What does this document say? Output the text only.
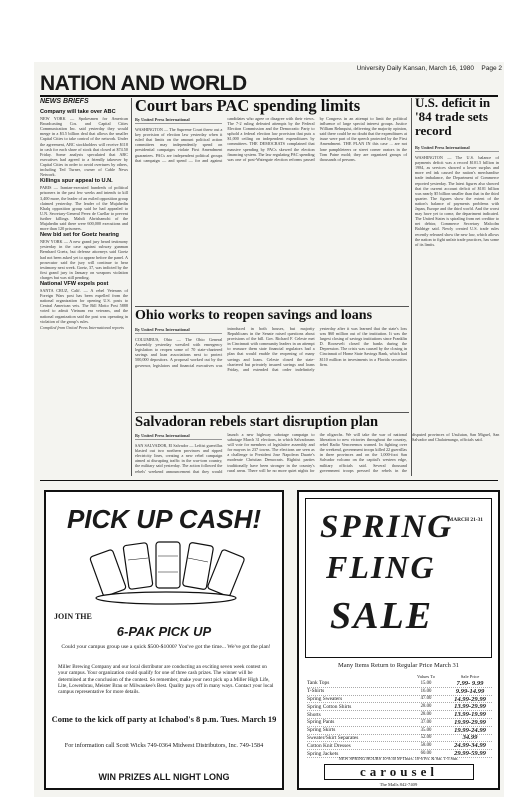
University Daily Kansan, March 16, 1980 Page 2
NATION AND WORLD
NEWS BRIEFS
Company will take over ABC

NEW YORK — Spokesmen for American Broadcasting Cos. and Capital Cities Communication Inc. said yesterday they would merge in a $3.5 billion deal that allows the smaller Capital Cities to take control of the network. Under the agreement, ABC stockholders will receive $118 in cash for each share of stock that closed at $74.50 Friday. Some analysts speculated that ABC executives had agreed to a friendly takeover by Capital Cities in order to avoid overtures by others, including Ted Turner, owner of Cable News Network.

Killings spur appeal to U.N.

PARIS — Iranian-executed hundreds of political prisoners in the past few weeks and intends to kill 3,400 more, the leader of an exiled opposition group claimed yesterday. The leader of the Mujahedin Khalq opposition group said he had appealed to U.N. Secretary-General Perez de Cuellar to prevent further killings. Mahdi Abrishamchi of the Mujahedin said there were 600,000 executions and more than 120 prisoners.

New bid set for Goetz hearing

NEW YORK — A new grand jury heard testimony yesterday in the case against subway gunman Bernhard Goetz, but defense attorneys said Goetz had not been asked yet to appear before the panel. A prosecutor said the jury will continue to hear testimony next week. Goetz, 37, was indicted by the first grand jury in January on weapons violation charges but was still pending.

National VFW expels post

SANTA CRUZ, Calif. — A rebel Veterans of Foreign Wars post has been expelled from the national organization for opening U.S. posts to Central American vets. The Bill Motto Post 5888 voted to admit Vietnam era veterans, and the national organization said the post was operating in violation of the group's rules.

Compiled from United Press International reports

Court bars PAC spending limits
By United Press International

WASHINGTON — The Supreme Court threw out a key provision of election law yesterday when it ruled that limits on the amount political action committees may independently spend on presidential campaigns violate First Amendment guarantees. PACs are independent political groups that campaign — and spend — for and against candidates who agree or disagree with their views. The 7-2 ruling defeated attempts by the Federal Election Commission and the Democratic Party to uphold a federal election law provision that puts a $1,000 ceiling on independent expenditures by committees. THE DEMOCRATS complained that massive spending by PACs skewed the election financing system. The law regulating PAC spending was one of post-Watergate election reforms passed by Congress in an attempt to limit the political influence of large special interest groups. Justice William Rehnquist, delivering the majority opinion, said there could be no doubt that the expenditures at issue were part of the speech protected by the First Amendment. THE PLAN IN this case ... are not lone pamphleteers or street corner orators in the Tom Paine mold; they are organized groups of thousands of persons.

U.S. deficit in '84 trade sets record
By United Press International

WASHINGTON — The U.S. balance of payments deficit was a record $101.5 billion in 1984, as services showed a lower surplus and more red ink caused the nation's merchandise trade imbalance, the Department of Commerce reported yesterday. The latest figures also showed that the current account deficit of $101 billion was nearly $5 billion smaller than that in the third quarter. The figures show the extent of the nation's balance of payments problems with Japan, Europe and the third world. And the worst may have yet to come, the department indicated. The United States is spiraling from net creditor to net debtor, Commerce Secretary Malcolm Baldrige said. Newly created U.S. trade rules recently released show the new law, which allows the nation to fight unfair trade practices, has some of its limits.

Ohio works to reopen savings and loans
By United Press International

COLUMBUS, Ohio — The Ohio General Assembly yesterday wrestled with emergency legislation to reopen some of 70 state-chartered savings and loan associations next to protect 500,000 depositors. A proposal worked out by the governor, legislators and financial executives was introduced in both houses, but majority Republicans in the Senate raised questions about provisions of the bill. Gov. Richard F. Celeste met in Cincinnati with community leaders in an attempt to reassure them state financial regulators had a plan that would enable the reopening of many savings and loans. Celeste closed the state-chartered but privately insured savings and loans Friday, and extended that order indefinitely yesterday after it was learned that the state's loss was $60 million out of the institution. It was the largest closing of savings institutions since Franklin D. Roosevelt closed the banks during the Depression. The crisis was caused by the closing in Cincinnati of Home State Savings Bank, which had $110 million in investments in a Florida securities firm.

Salvadoran rebels start disruption plan
By United Press International

SAN SALVADOR, El Salvador — Leftist guerrillas blasted out two northern provinces and ripped electricity lines, creating a new rebel campaign aimed at disrupting traffic in the war-torn country, the military said yesterday. The action followed the rebels' weekend announcement that they would launch a new highway sabotage campaign to sabotage March 31 elections, in which Salvadorans will vote for members of legislative assembly and for mayors in 237 towns. The elections are seen as a challenge to President Jose Napoleon Duarte's moderate Christian Democrats. Rightist parties traditionally have been stronger in the country's rural areas. There will be no more quiet nights for the oligarchs. We will take the war of national liberation to new victories throughout the country, rebel Radio Venceremos warned. In fighting over the weekend, government troops killed 22 guerrillas in three provinces and on the 1,000-foot San Salvador volcano on the capital's western edge, military officials said. Several thousand government troops pressed the rebels in the disputed provinces of Usulutan, San Miguel, San Salvador and Chalatenango, officials said.

PICK UP CASH!
JOIN THE
6-PAK PICK UP
Could your campus group use a quick $500-$1000? You've got the time... We've got the plan!
Miller Brewing Company and our local distributor are conducting an exciting seven week contest on your campus. Your organization could qualify for one of three cash prizes. The winner will be determined at the conclusion of the contest. So remember, make your next pick up a Miller High Life, Lite, Lowenbrau, Meister Brau or Milwaukee's Best. Quality pays off in many ways. Contact your local campus representative for more details.
Come to the kick off party at Ichabod's 8 p.m. Tues. March 19
For information call Scott Wicks 749-0364 Midwest Distributors, Inc. 749-1584
WIN PRIZES ALL NIGHT LONG
SPRING
MARCH 21-31
FLING
SALE
Many Items Return to Regular Price March 31
Values To	Sale Price
Tank Tops	15.00	7.99- 9.99
T-Shirts	16.00	9.99-14.99
Spring Sweaters	47.00	14.99-29.99
Spring Cotton Shirts	28.00	13.99-29.99
Shorts	28.00	13.99-19.99
Spring Pants	37.00	19.99-29.99
Spring Skirts	35.00	19.99-24.99
Sweater/Skirt Separates	52.00	34.99
Cotton Knit Dresses	58.00	24.99-34.99
Spring Jackets	60.00	29.99-59.99
NEW SPRING HOURS 10-8:30 M-Thurs. 10-6 Fri. & Sat. 1-5 Sun.
carousel
The Malls 842-7409
